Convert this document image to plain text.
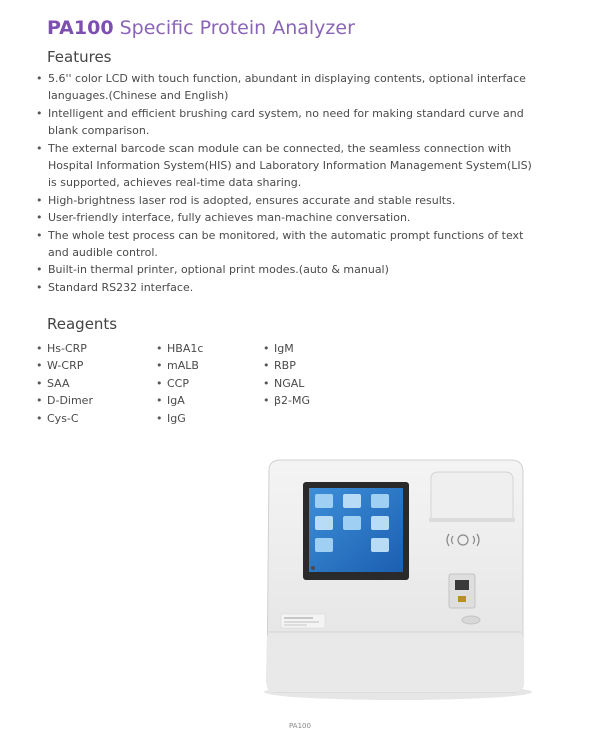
PA100 Specific Protein Analyzer
Features
• 5.6'' color LCD with touch function, abundant in displaying contents, optional interface languages.(Chinese and English)
• Intelligent and efficient brushing card system, no need for making standard curve and blank comparison.
• The external barcode scan module can be connected, the seamless connection with Hospital Information System(HIS) and Laboratory Information Management System(LIS) is supported, achieves real-time data sharing.
• High-brightness laser rod is adopted, ensures accurate and stable results.
• User-friendly interface, fully achieves man-machine conversation.
• The whole test process can be monitored, with the automatic prompt functions of text and audible control.
• Built-in thermal printer, optional print modes.(auto & manual)
• Standard RS232 interface.
Reagents
• Hs-CRP
• W-CRP
• SAA
• D-Dimer
• Cys-C
• HBA1c
• mALB
• CCP
• IgA
• IgG
• IgM
• RBP
• NGAL
• β2-MG
PA100
